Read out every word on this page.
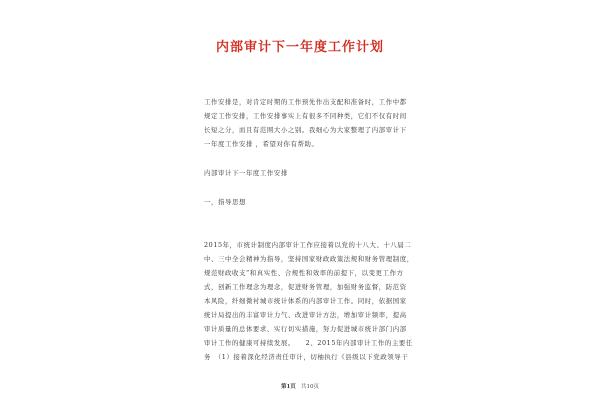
内部审计下一年度工作计划
工作安排是，对肯定时期的工作预先作出支配和准备时，工作中都
规定工作安排，工作安排事实上有很多不同种类，它们不仅有时间
长短之分，而且有范围大小之别。我细心为大家整理了内部审计下
一年度工作安排 ，希望对你有帮助。
内部审计下一年度工作安排
一，指导思想
2015年，市统计制度内部审计工作应接着以党的十八大、十八届二
中、三中全会精神为指导，坚持国家财政政策法规和财务管理制度，
规范财政收支”和真实性、合规性和效率的前提下，以变更工作方
式，创新工作理念为理念，促进财务管理，加强财务监督，防范资
本风险，纤细微衬城市统计体系的内部审计工作。同时，依据国家
统计局提出的丰富审计力气、改进审计方法，增加审计频率，提高
审计质量的总体要求、实行切实措施，努力促进城市统计部门内部
审计工作的健康可持续发展。　　2、2015年内部审计工作的主要任
务　（1）接着深化经济责任审计，切柚执行《县级以下党政领导干
第1页 共10页
